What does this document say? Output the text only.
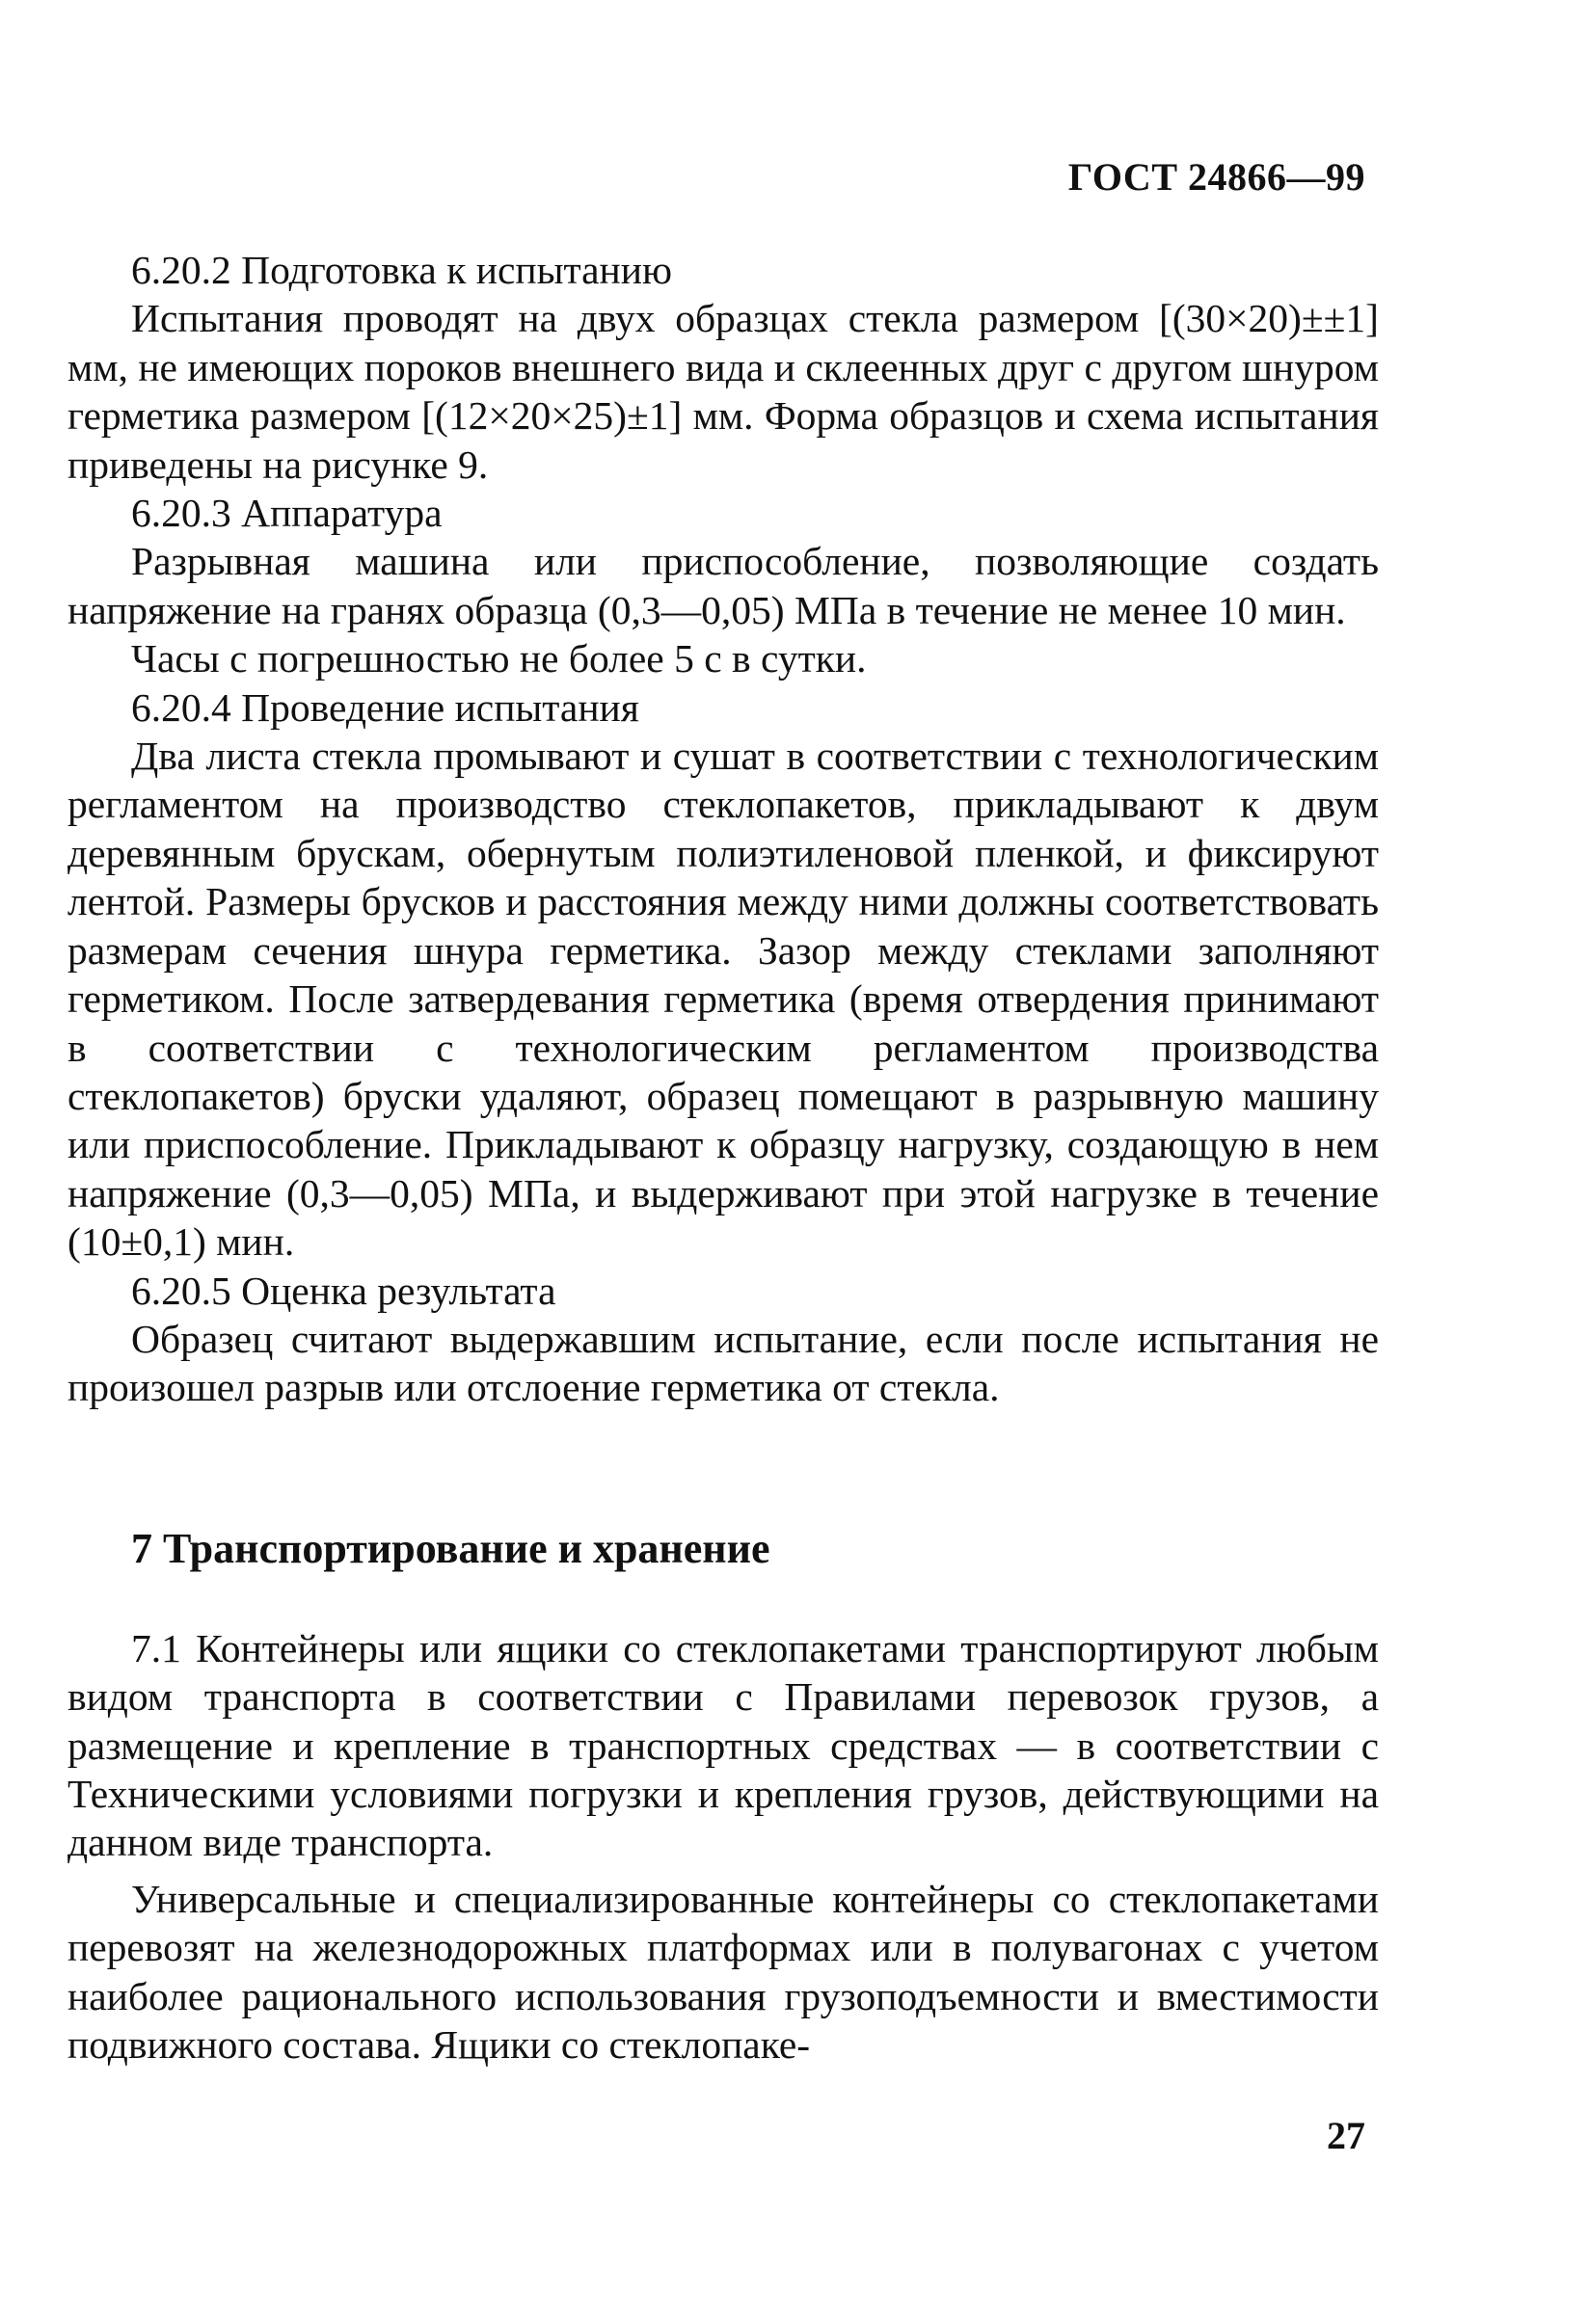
ГОСТ 24866—99

6.20.2 Подготовка к испытанию

Испытания проводят на двух образцах стекла размером [(30×20)±±1] мм, не имеющих пороков внешнего вида и склеенных друг с другом шнуром герметика размером [(12×20×25)±1] мм. Форма образцов и схема испытания приведены на рисунке 9.

6.20.3 Аппаратура

Разрывная машина или приспособление, позволяющие создать напряжение на гранях образца (0,3—0,05) МПа в течение не менее 10 мин.

Часы с погрешностью не более 5 с в сутки.

6.20.4 Проведение испытания

Два листа стекла промывают и сушат в соответствии с технологическим регламентом на производство стеклопакетов, прикладывают к двум деревянным брускам, обернутым полиэтиленовой пленкой, и фиксируют лентой. Размеры брусков и расстояния между ними должны соответствовать размерам сечения шнура герметика. Зазор между стеклами заполняют герметиком. После затвердевания герметика (время отвердения принимают в соответствии с технологическим регламентом производства стеклопакетов) бруски удаляют, образец помещают в разрывную машину или приспособление. Прикладывают к образцу нагрузку, создающую в нем напряжение (0,3—0,05) МПа, и выдерживают при этой нагрузке в течение (10±0,1) мин.

6.20.5 Оценка результата

Образец считают выдержавшим испытание, если после испытания не произошел разрыв или отслоение герметика от стекла.

7 Транспортирование и хранение

7.1 Контейнеры или ящики со стеклопакетами транспортируют любым видом транспорта в соответствии с Правилами перевозок грузов, а размещение и крепление в транспортных средствах — в соответствии с Техническими условиями погрузки и крепления грузов, действующими на данном виде транспорта.

Универсальные и специализированные контейнеры со стеклопакетами перевозят на железнодорожных платформах или в полувагонах с учетом наиболее рационального использования грузоподъемности и вместимости подвижного состава. Ящики со стеклопаке-

27
